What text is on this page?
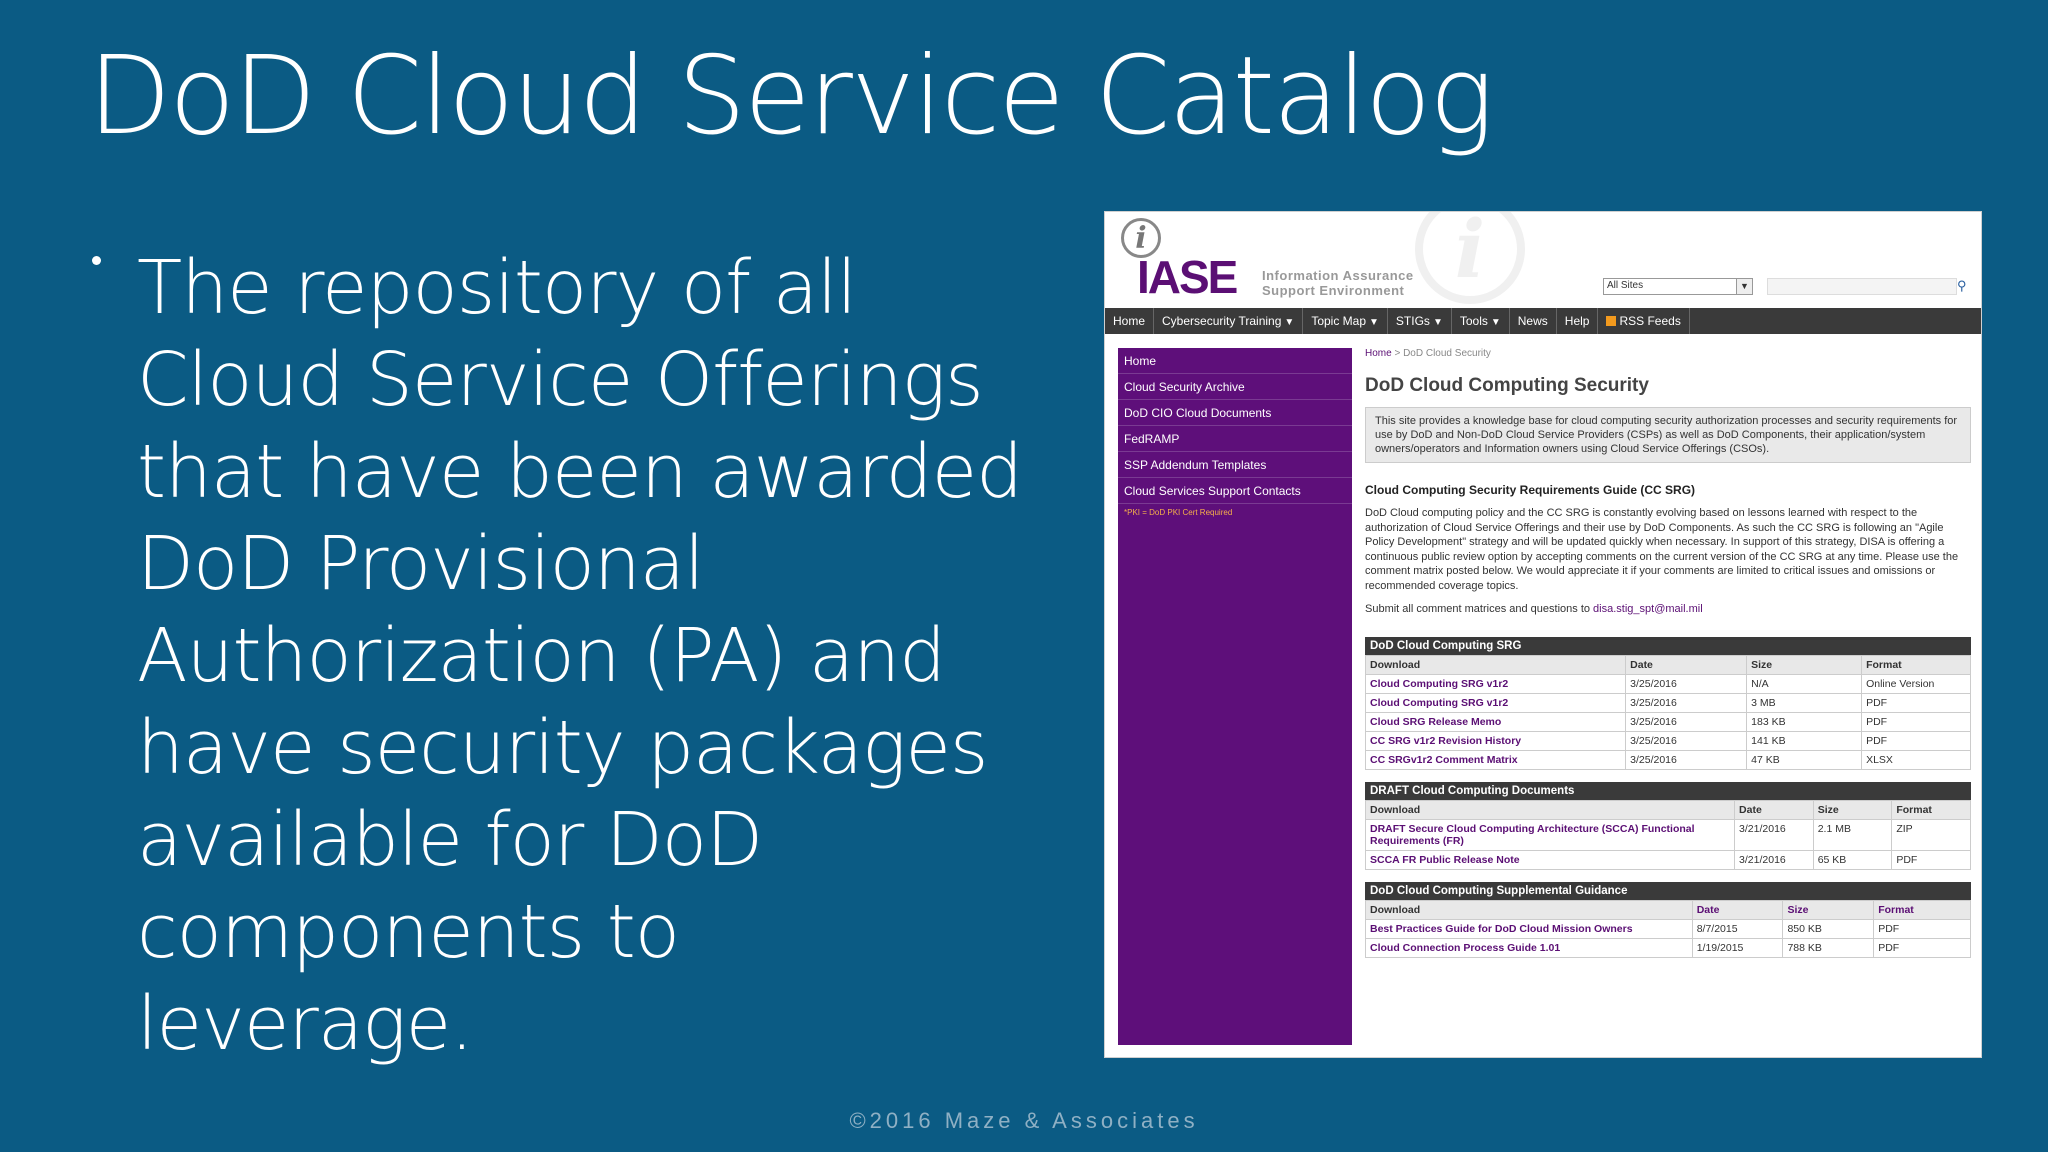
DoD Cloud Service Catalog
The repository of all Cloud Service Offerings that have been awarded DoD Provisional Authorization (PA) and have security packages available for DoD components to leverage.
©2016 Maze & Associates
i
i
IASE Information Assurance
Support Environment	All Sites	▼	⚲
Home	Cybersecurity Training ▼	Topic Map ▼	STIGs ▼	Tools ▼	News	Help	RSS Feeds
Home
Cloud Security Archive
DoD CIO Cloud Documents
FedRAMP
SSP Addendum Templates
Cloud Services Support Contacts
*PKI = DoD PKI Cert Required
Home > DoD Cloud Security
DoD Cloud Computing Security
This site provides a knowledge base for cloud computing security authorization processes and security requirements for use by DoD and Non-DoD Cloud Service Providers (CSPs) as well as DoD Components, their application/system owners/operators and Information owners using Cloud Service Offerings (CSOs).
Cloud Computing Security Requirements Guide (CC SRG)
DoD Cloud computing policy and the CC SRG is constantly evolving based on lessons learned with respect to the authorization of Cloud Service Offerings and their use by DoD Components. As such the CC SRG is following an "Agile Policy Development" strategy and will be updated quickly when necessary. In support of this strategy, DISA is offering a continuous public review option by accepting comments on the current version of the CC SRG at any time. Please use the comment matrix posted below. We would appreciate it if your comments are limited to critical issues and omissions or recommended coverage topics.
Submit all comment matrices and questions to disa.stig_spt@mail.mil
DoD Cloud Computing SRG
Download	Date	Size	Format
Cloud Computing SRG v1r2	3/25/2016	N/A	Online Version
Cloud Computing SRG v1r2	3/25/2016	3 MB	PDF
Cloud SRG Release Memo	3/25/2016	183 KB	PDF
CC SRG v1r2 Revision History	3/25/2016	141 KB	PDF
CC SRGv1r2 Comment Matrix	3/25/2016	47 KB	XLSX
DRAFT Cloud Computing Documents
Download	Date	Size	Format
DRAFT Secure Cloud Computing Architecture (SCCA) Functional Requirements (FR)	3/21/2016	2.1 MB	ZIP
SCCA FR Public Release Note	3/21/2016	65 KB	PDF
DoD Cloud Computing Supplemental Guidance
Download	Date	Size	Format
Best Practices Guide for DoD Cloud Mission Owners	8/7/2015	850 KB	PDF
Cloud Connection Process Guide 1.01	1/19/2015	788 KB	PDF
